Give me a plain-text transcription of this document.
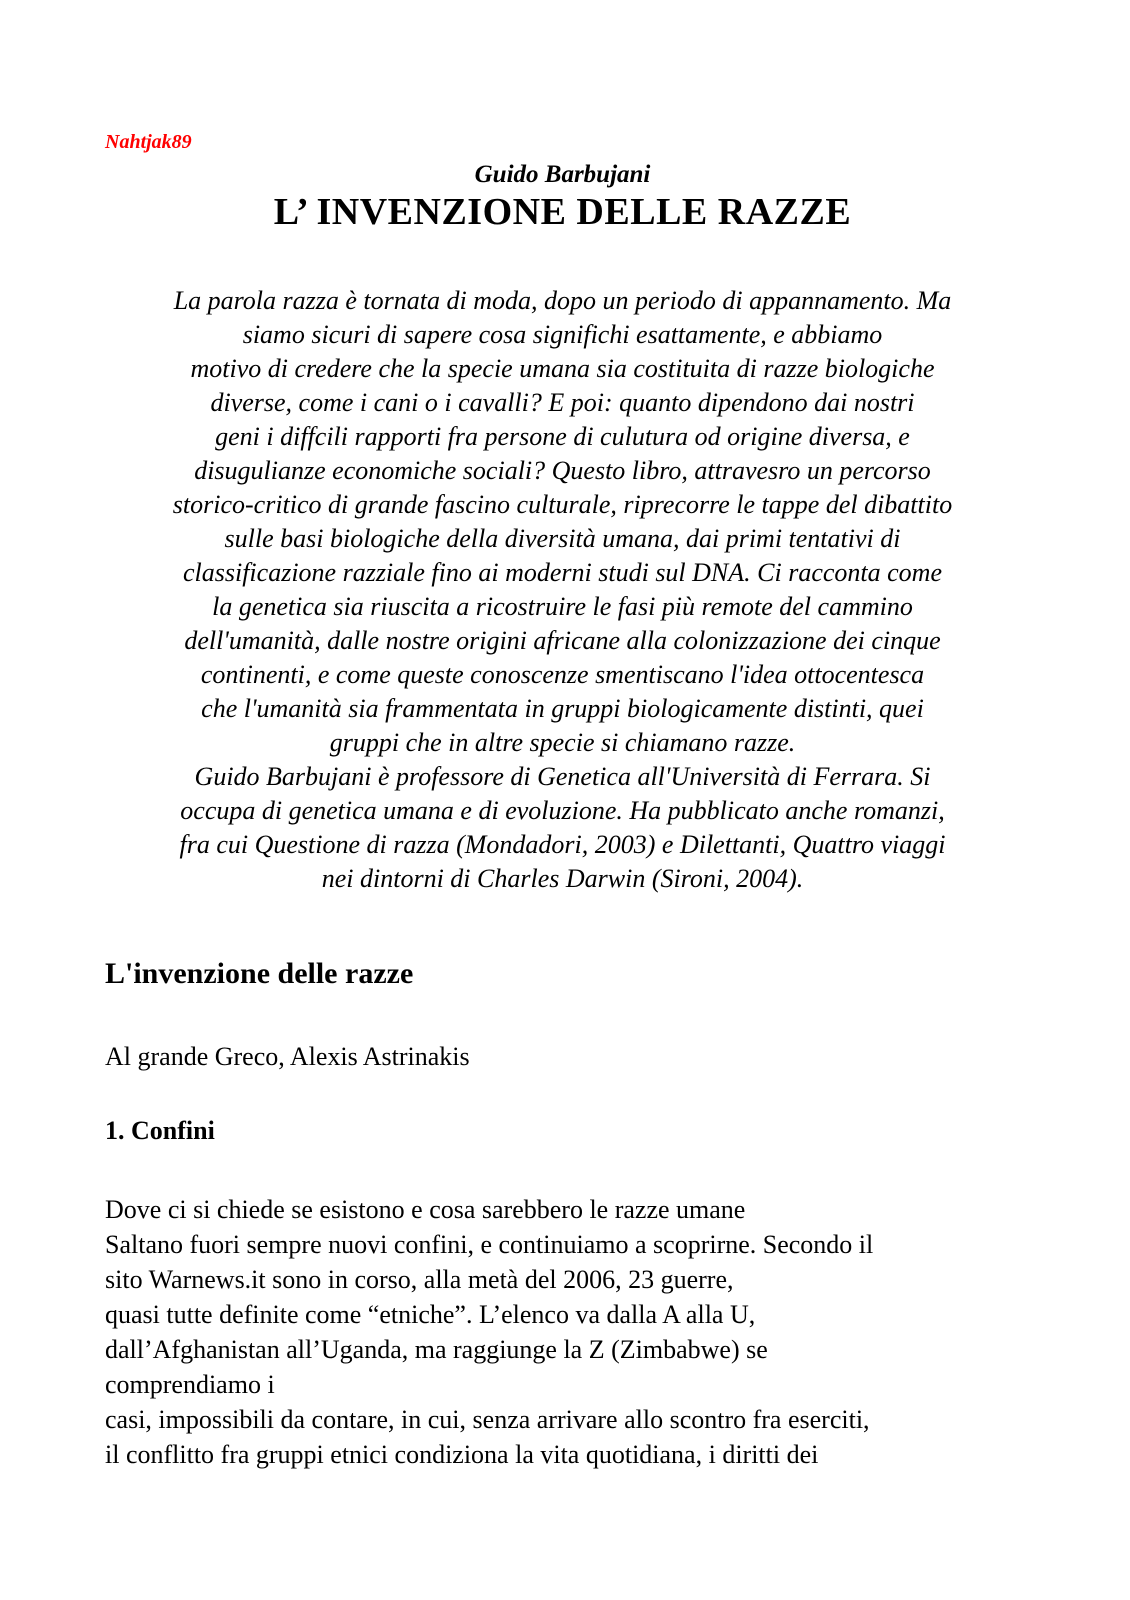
Nahtjak89
Guido Barbujani
L’ INVENZIONE DELLE RAZZE
La parola razza è tornata di moda, dopo un periodo di appannamento. Ma
siamo sicuri di sapere cosa significhi esattamente, e abbiamo
motivo di credere che la specie umana sia costituita di razze biologiche
diverse, come i cani o i cavalli? E poi: quanto dipendono dai nostri
geni i diffcili rapporti fra persone di culutura od origine diversa, e
disugulianze economiche sociali? Questo libro, attravesro un percorso
storico-critico di grande fascino culturale, riprecorre le tappe del dibattito
sulle basi biologiche della diversità umana, dai primi tentativi di
classificazione razziale fino ai moderni studi sul DNA. Ci racconta come
la genetica sia riuscita a ricostruire le fasi più remote del cammino
dell'umanità, dalle nostre origini africane alla colonizzazione dei cinque
continenti, e come queste conoscenze smentiscano l'idea ottocentesca
che l'umanità sia frammentata in gruppi biologicamente distinti, quei
gruppi che in altre specie si chiamano razze.
Guido Barbujani è professore di Genetica all'Università di Ferrara. Si
occupa di genetica umana e di evoluzione. Ha pubblicato anche romanzi,
fra cui Questione di razza (Mondadori, 2003) e Dilettanti, Quattro viaggi
nei dintorni di Charles Darwin (Sironi, 2004).
L'invenzione delle razze
Al grande Greco, Alexis Astrinakis
1. Confini
Dove ci si chiede se esistono e cosa sarebbero le razze umane
Saltano fuori sempre nuovi confini, e continuiamo a scoprirne. Secondo il
sito Warnews.it sono in corso, alla metà del 2006, 23 guerre,
quasi tutte definite come “etniche”. L’elenco va dalla A alla U,
dall’Afghanistan all’Uganda, ma raggiunge la Z (Zimbabwe) se
comprendiamo i
casi, impossibili da contare, in cui, senza arrivare allo scontro fra eserciti,
il conflitto fra gruppi etnici condiziona la vita quotidiana, i diritti dei
